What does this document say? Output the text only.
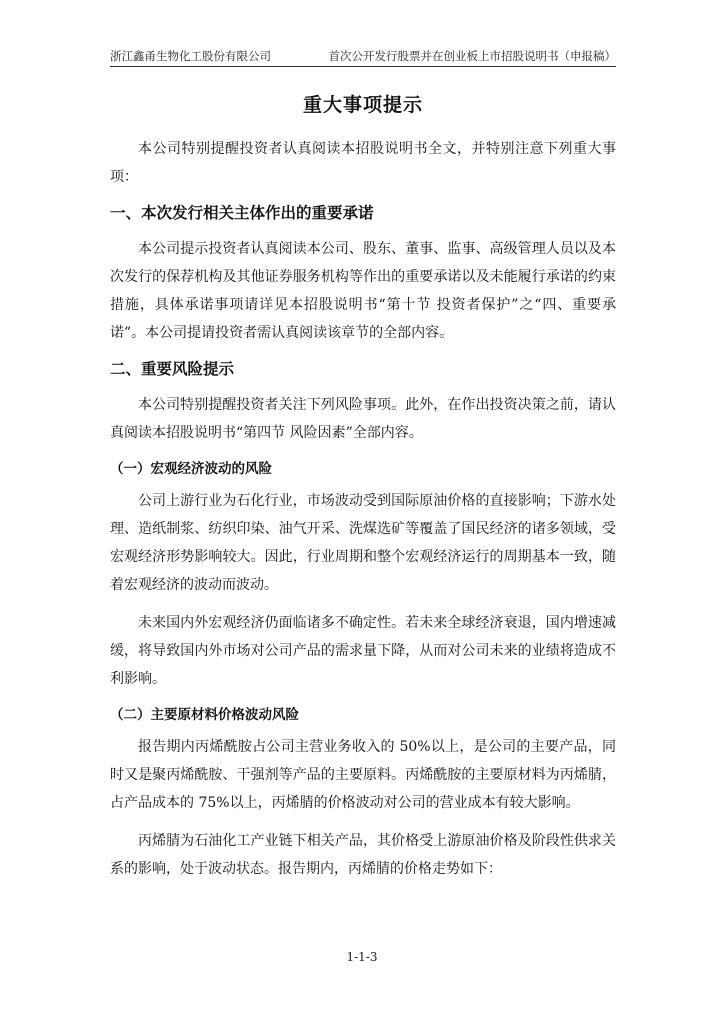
浙江鑫甬生物化工股份有限公司	首次公开发行股票并在创业板上市招股说明书（申报稿）
重大事项提示

本公司特别提醒投资者认真阅读本招股说明书全文，并特别注意下列重大事项：

一、本次发行相关主体作出的重要承诺

本公司提示投资者认真阅读本公司、股东、董事、监事、高级管理人员以及本次发行的保荐机构及其他证券服务机构等作出的重要承诺以及未能履行承诺的约束措施，具体承诺事项请详见本招股说明书“第十节 投资者保护”之“四、重要承诺”。本公司提请投资者需认真阅读该章节的全部内容。

二、重要风险提示

本公司特别提醒投资者关注下列风险事项。此外，在作出投资决策之前，请认真阅读本招股说明书“第四节 风险因素”全部内容。

（一）宏观经济波动的风险

公司上游行业为石化行业，市场波动受到国际原油价格的直接影响；下游水处理、造纸制浆、纺织印染、油气开采、洗煤选矿等覆盖了国民经济的诸多领域，受宏观经济形势影响较大。因此，行业周期和整个宏观经济运行的周期基本一致，随着宏观经济的波动而波动。

未来国内外宏观经济仍面临诸多不确定性。若未来全球经济衰退，国内增速减缓，将导致国内外市场对公司产品的需求量下降，从而对公司未来的业绩将造成不利影响。

（二）主要原材料价格波动风险

报告期内丙烯酰胺占公司主营业务收入的 50%以上，是公司的主要产品，同时又是聚丙烯酰胺、干强剂等产品的主要原料。丙烯酰胺的主要原材料为丙烯腈，占产品成本的 75%以上，丙烯腈的价格波动对公司的营业成本有较大影响。

丙烯腈为石油化工产业链下相关产品，其价格受上游原油价格及阶段性供求关系的影响，处于波动状态。报告期内，丙烯腈的价格走势如下：

1-1-3
